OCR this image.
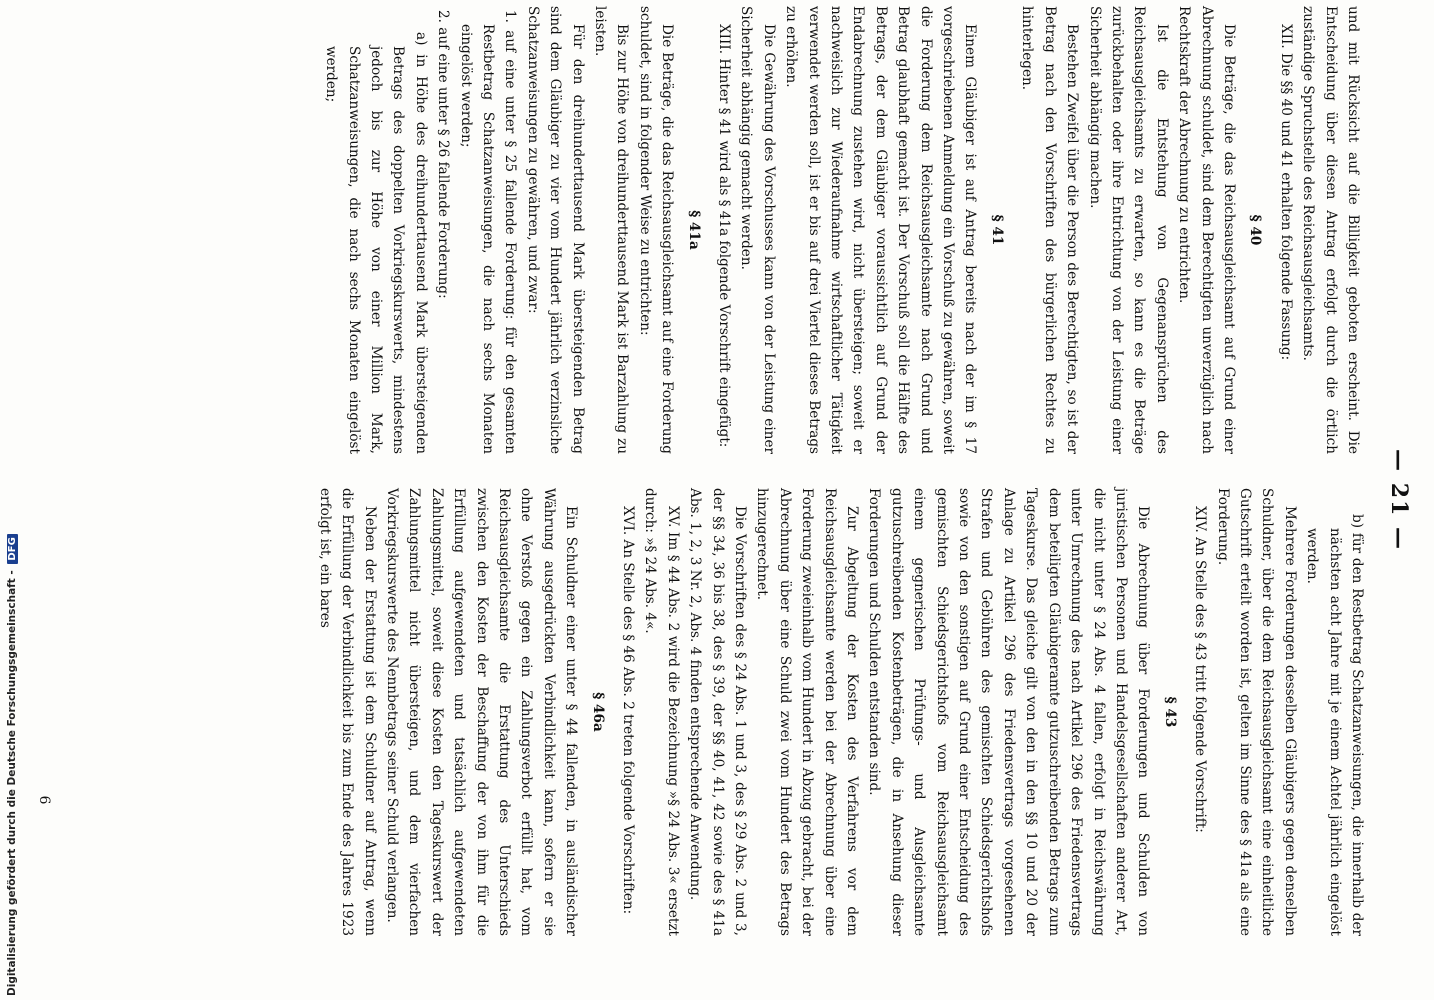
— 21 —

und mit Rücksicht auf die Billigkeit geboten erscheint. Die Entscheidung über diesen Antrag erfolgt durch die örtlich zuständige Spruchstelle des Reichsausgleichsamts.

XII. Die §§ 40 und 41 erhalten folgende Fassung:

§ 40

Die Beträge, die das Reichsausgleichsamt auf Grund einer Abrechnung schuldet, sind dem Berechtigten unverzüglich nach Rechtskraft der Abrechnung zu entrichten.

Ist die Entstehung von Gegenansprüchen des Reichsausgleichsamts zu erwarten, so kann es die Beträge zurückbehalten oder ihre Entrichtung von der Leistung einer Sicherheit abhängig machen.

Bestehen Zweifel über die Person des Berechtigten, so ist der Betrag nach den Vorschriften des bürgerlichen Rechtes zu hinterlegen.

§ 41

Einem Gläubiger ist auf Antrag bereits nach der im § 17 vorgeschriebenen Anmeldung ein Vorschuß zu gewähren, soweit die Forderung dem Reichsausgleichsamte nach Grund und Betrag glaubhaft gemacht ist. Der Vorschuß soll die Hälfte des Betrags, der dem Gläubiger voraussichtlich auf Grund der Endabrechnung zustehen wird, nicht übersteigen; soweit er nachweislich zur Wiederaufnahme wirtschaftlicher Tätigkeit verwendet werden soll, ist er bis auf drei Viertel dieses Betrags zu erhöhen.

Die Gewährung des Vorschusses kann von der Leistung einer Sicherheit abhängig gemacht werden.

XIII. Hinter § 41 wird als § 41a folgende Vorschrift eingefügt:

§ 41a

Die Beträge, die das Reichsausgleichsamt auf eine Forderung schuldet, sind in folgender Weise zu entrichten:

Bis zur Höhe von dreihunderttausend Mark ist Barzahlung zu leisten.

Für den dreihunderttausend Mark übersteigenden Betrag sind dem Gläubiger zu vier vom Hundert jährlich verzinsliche Schatzanweisungen zu gewähren, und zwar:

1. auf eine unter § 25 fallende Forderung: für den gesamten Restbetrag Schatzanweisungen, die nach sechs Monaten eingelöst werden;

2. auf eine unter § 26 fallende Forderung:

a) in Höhe des dreihunderttausend Mark übersteigenden Betrags des doppelten Vorkriegskurswerts, mindestens jedoch bis zur Höhe von einer Million Mark, Schatzanweisungen, die nach sechs Monaten eingelöst werden;

b) für den Restbetrag Schatzanweisungen, die innerhalb der nächsten acht Jahre mit je einem Achtel jährlich eingelöst werden.

Mehrere Forderungen desselben Gläubigers gegen denselben Schuldner, über die dem Reichsausgleichsamt eine einheitliche Gutschrift erteilt worden ist, gelten im Sinne des § 41a als eine Forderung.

XIV. An Stelle des § 43 tritt folgende Vorschrift:

§ 43

Die Abrechnung über Forderungen und Schulden von juristischen Personen und Handelsgesellschaften anderer Art, die nicht unter § 24 Abs. 4 fallen, erfolgt in Reichswährung unter Umrechnung des nach Artikel 296 des Friedensvertrags dem beteiligten Gläubigeramte gutzuschreibenden Betrags zum Tageskurse. Das gleiche gilt von den in den §§ 10 und 20 der Anlage zu Artikel 296 des Friedensvertrags vorgesehenen Strafen und Gebühren des gemischten Schiedsgerichtshofs sowie von den sonstigen auf Grund einer Entscheidung des gemischten Schiedsgerichtshofs vom Reichsausgleichsamt einem gegnerischen Prüfungs- und Ausgleichsamte gutzuschreibenden Kostenbeträgen, die in Ansehung dieser Forderungen und Schulden entstanden sind.

Zur Abgeltung der Kosten des Verfahrens vor dem Reichsausgleichsamte werden bei der Abrechnung über eine Forderung zweieinhalb vom Hundert in Abzug gebracht, bei der Abrechnung über eine Schuld zwei vom Hundert des Betrags hinzugerechnet.

Die Vorschriften des § 24 Abs. 1 und 3, des § 29 Abs. 2 und 3, der §§ 34, 36 bis 38, des § 39, der §§ 40, 41, 42 sowie des § 41a Abs. 1, 2, 3 Nr. 2, Abs. 4 finden entsprechende Anwendung.

XV. Im § 44 Abs. 2 wird die Bezeichnung »§ 24 Abs. 3« ersetzt durch: »§ 24 Abs. 4«.

XVI. An Stelle des § 46 Abs. 2 treten folgende Vorschriften:

§ 46a

Ein Schuldner einer unter § 44 fallenden, in ausländischer Währung ausgedrückten Verbindlichkeit kann, sofern er sie ohne Verstoß gegen ein Zahlungsverbot erfüllt hat, vom Reichsausgleichsamte die Erstattung des Unterschieds zwischen den Kosten der Beschaffung der von ihm für die Erfüllung aufgewendeten und tatsächlich aufgewendeten Zahlungsmittel, soweit diese Kosten den Tageskurswert der Zahlungsmittel nicht übersteigen, und dem vierfachen Vorkriegskurswerte des Nennbetrags seiner Schuld verlangen.

Neben der Erstattung ist dem Schuldner auf Antrag, wenn die Erfüllung der Verbindlichkeit bis zum Ende des Jahres 1923 erfolgt ist, ein bares

6
Digitalisierung gefördert durch die Deutsche Forschungsgemeinschaft - DFG
